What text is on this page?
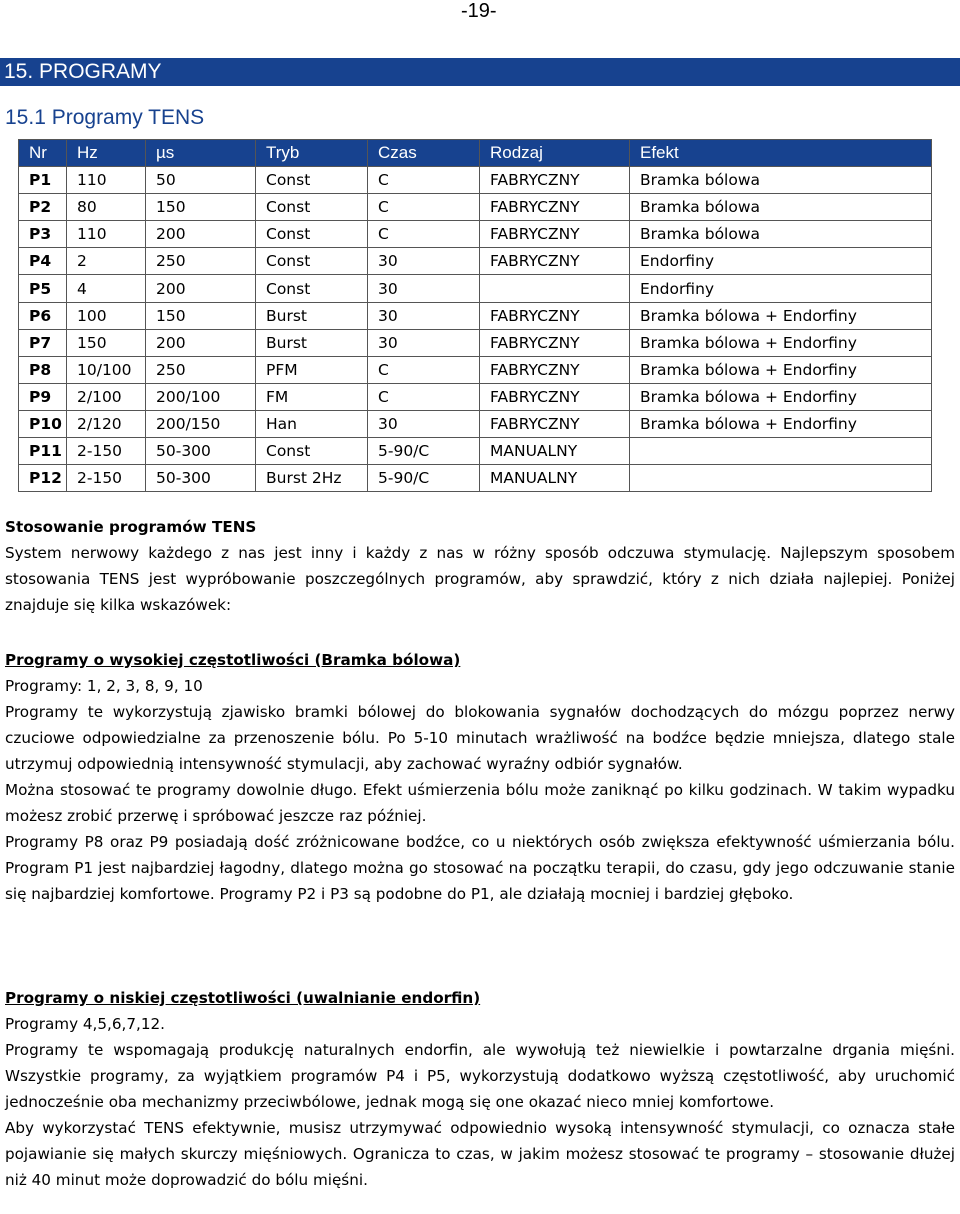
-19-
15. PROGRAMY
15.1 Programy TENS
Nr	Hz	µs	Tryb	Czas	Rodzaj	Efekt
P1	110	50	Const	C	FABRYCZNY	Bramka bólowa
P2	80	150	Const	C	FABRYCZNY	Bramka bólowa
P3	110	200	Const	C	FABRYCZNY	Bramka bólowa
P4	2	250	Const	30	FABRYCZNY	Endorfiny
P5	4	200	Const	30		Endorfiny
P6	100	150	Burst	30	FABRYCZNY	Bramka bólowa + Endorfiny
P7	150	200	Burst	30	FABRYCZNY	Bramka bólowa + Endorfiny
P8	10/100	250	PFM	C	FABRYCZNY	Bramka bólowa + Endorfiny
P9	2/100	200/100	FM	C	FABRYCZNY	Bramka bólowa + Endorfiny
P10	2/120	200/150	Han	30	FABRYCZNY	Bramka bólowa + Endorfiny
P11	2-150	50-300	Const	5-90/C	MANUALNY	
P12	2-150	50-300	Burst 2Hz	5-90/C	MANUALNY	
Stosowanie programów TENS

System nerwowy każdego z nas jest inny i każdy z nas w różny sposób odczuwa stymulację. Najlepszym sposobem stosowania TENS jest wypróbowanie poszczególnych programów, aby sprawdzić, który z nich działa najlepiej. Poniżej znajduje się kilka wskazówek:

Programy o wysokiej częstotliwości (Bramka bólowa)

Programy: 1, 2, 3, 8, 9, 10

Programy te wykorzystują zjawisko bramki bólowej do blokowania sygnałów dochodzących do mózgu poprzez nerwy czuciowe odpowiedzialne za przenoszenie bólu. Po 5-10 minutach wrażliwość na bodźce będzie mniejsza, dlatego stale utrzymuj odpowiednią intensywność stymulacji, aby zachować wyraźny odbiór sygnałów.

Można stosować te programy dowolnie długo. Efekt uśmierzenia bólu może zaniknąć po kilku godzinach. W takim wypadku możesz zrobić przerwę i spróbować jeszcze raz później.

Programy P8 oraz P9 posiadają dość zróżnicowane bodźce, co u niektórych osób zwiększa efektywność uśmierzania bólu. Program P1 jest najbardziej łagodny, dlatego można go stosować na początku terapii, do czasu, gdy jego odczuwanie stanie się najbardziej komfortowe. Programy P2 i P3 są podobne do P1, ale działają mocniej i bardziej głęboko.

Programy o niskiej częstotliwości (uwalnianie endorfin)

Programy 4,5,6,7,12.

Programy te wspomagają produkcję naturalnych endorfin, ale wywołują też niewielkie i powtarzalne drgania mięśni. Wszystkie programy, za wyjątkiem programów P4 i P5, wykorzystują dodatkowo wyższą częstotliwość, aby uruchomić jednocześnie oba mechanizmy przeciwbólowe, jednak mogą się one okazać nieco mniej komfortowe.

Aby wykorzystać TENS efektywnie, musisz utrzymywać odpowiednio wysoką intensywność stymulacji, co oznacza stałe pojawianie się małych skurczy mięśniowych. Ogranicza to czas, w jakim możesz stosować te programy – stosowanie dłużej niż 40 minut może doprowadzić do bólu mięśni.
